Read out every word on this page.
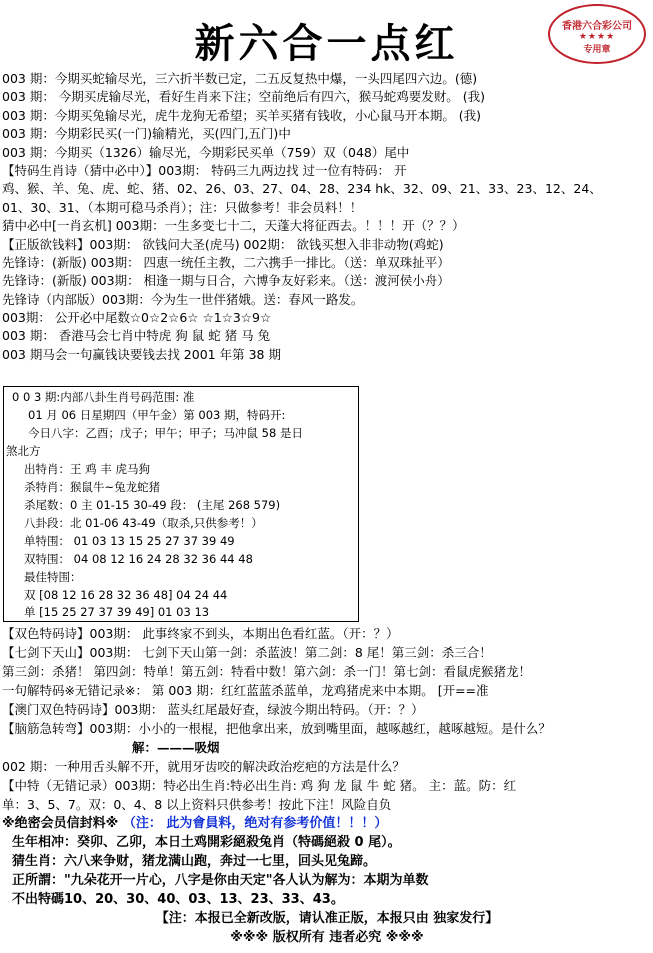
新六合一点红	香港六合彩公司
★★★★
专用章
003 期：今期买蛇输尽光，三六折半数已定，二五反复热中爆，一头四尾四六边。(德)
003 期： 今期买虎输尽光，看好生肖来下注；空前绝后有四六，猴马蛇鸡要发财。 (我)
003 期：今期买兔输尽光，虎牛龙狗无希望；买羊买猪有钱收，小心鼠马开本期。 (我)
003 期：今期彩民买(一门)输精光，买(四门,五门)中
003 期：今期买（1326）输尽光，今期彩民买单（759）双（048）尾中
【特码生肖诗（猜中必中）】003期： 特码三九两边找 过一位有特码： 开
鸡、猴、羊、兔、虎、蛇、猪、02、26、03、27、04、28、234 hk、32、09、21、33、23、12、24、
01、30、31、（本期可稳马杀肖）；注：只做参考！非会员料！！
猜中必中[一肖玄机] 003期：一生多变七十二，天蓬大将征西去。！！！开（？？）
【正版欲钱料】003期： 欲钱问大圣(虎马) 002期： 欲钱买想入非非动物(鸡蛇)
先锋诗：(新版) 003期： 四恵一统任主教，二六携手一排比。（送：单双珠扯平）
先锋诗：(新版) 003期： 相逢一期与日合，六博争友好彩来。（送：渡河侯小舟）
先锋诗（内部版）003期：今为生一世伴猪娥。送：春风一路发。
003期： 公开必中尾数☆0☆2☆6☆ ☆1☆3☆9☆
003 期： 香港马会七肖中特虎 狗 鼠 蛇 猪 马 兔
003 期马会一句赢钱诀要钱去找 2001 年第 38 期
0 0 3 期:内部八卦生肖号码范围: 准
01 月 06 日星期四（甲午金）第 003 期，特码开:
今日八字：乙酉；戊子；甲午；甲子；马冲鼠 58 是日
煞北方
出特肖：王 鸡 丰 虎马狗
杀特肖：猴鼠牛~兔龙蛇猪
杀尾数：0 主 01-15 30-49 段： (主尾 268 579)
八卦段：北 01-06 43-49（取杀,只供参考！）
单特围： 01 03 13 15 25 27 37 39 49
双特围： 04 08 12 16 24 28 32 36 44 48
最佳特围：
双 [08 12 16 28 32 36 48] 04 24 44
单 [15 25 27 37 39 49] 01 03 13
【双色特码诗】003期： 此事终家不到头，本期出色看红蓝。（开：？）
【七剑下天山】003期： 七剑下天山第一剑：杀蓝波！第二剑：8 尾！第三剑：杀三合！
第三剑：杀猪！ 第四剑：特单！第五剑：特看中数！第六剑：杀一门！第七剑：看鼠虎猴猪龙！
一句解特码※无错记录※： 第 003 期：红红蓝蓝杀蓝单，龙鸡猪虎来中本期。 [开==准
【澳门双色特码诗】003期： 蓝头红尾最好查，绿波今期出特码。（开：？）
【脑筋急转弯】003期：小小的一根棍，把他拿出来，放到嘴里面，越啄越红，越啄越短。是什么？
解：———吸烟
002 期：一种用舌头解不开，就用牙齿咬的解决政治疙疤的方法是什么？
【中特（无错记录）003期：特必出生肖:特必出生肖: 鸡 狗 龙 鼠 牛 蛇 猪。 主：蓝。防：红
单：3、5、7。双：0、4、8 以上资料只供参考！按此下注！风险自负
※绝密会员信封料※ （注： 此为會員料，绝对有参考价值！！！）
生年相冲：癸卯、乙卯，本日土鸡開彩絕殺兔肖（特碼絕殺 0 尾）。
猜生肖：六八来争财，猪龙满山跑，奔过一七里，回头见兔蹄。
正所謂："九朵花开一片心，八字是你由天定"各人认为解为：本期为单数
不出特碼10、20、30、40、03、13、23、33、43。
【注：本报已全新改版，请认准正版，本报只由 独家发行】
※※※ 版权所有 违者必究 ※※※
